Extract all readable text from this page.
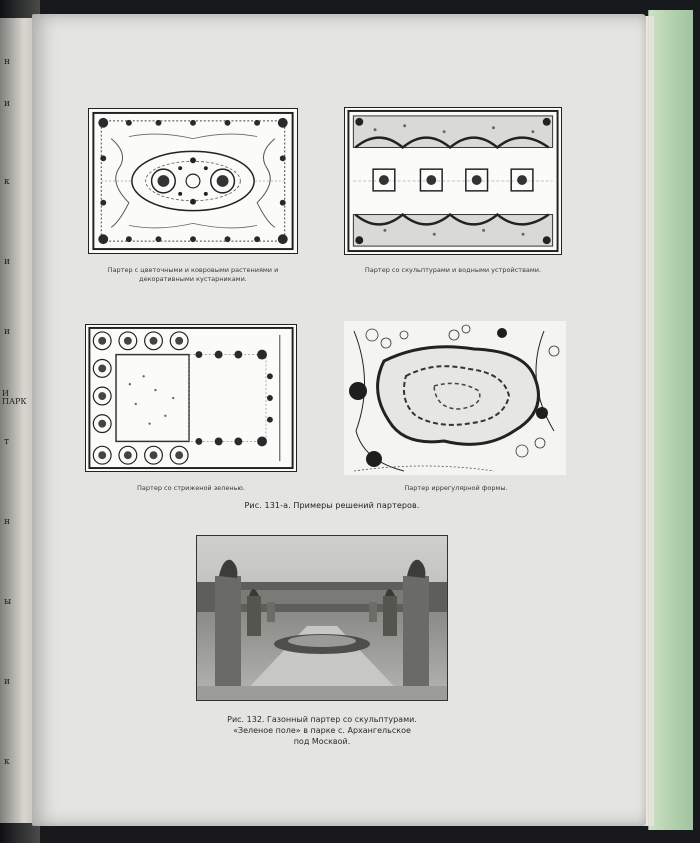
н
и
к
и
и
И ПАРК
т
н
ы
и
к
Партер с цветочными и ковровыми растениями и декоративными кустарниками.
Партер со скульптурами и водными устройствами.
Партер со стриженой зеленью.	Партер иррегулярной формы.
Рис. 131-а. Примеры решений партеров.
Рис. 132. Газонный партер со скульптурами.
«Зеленое поле» в парке с. Архангельское
под Москвой.
